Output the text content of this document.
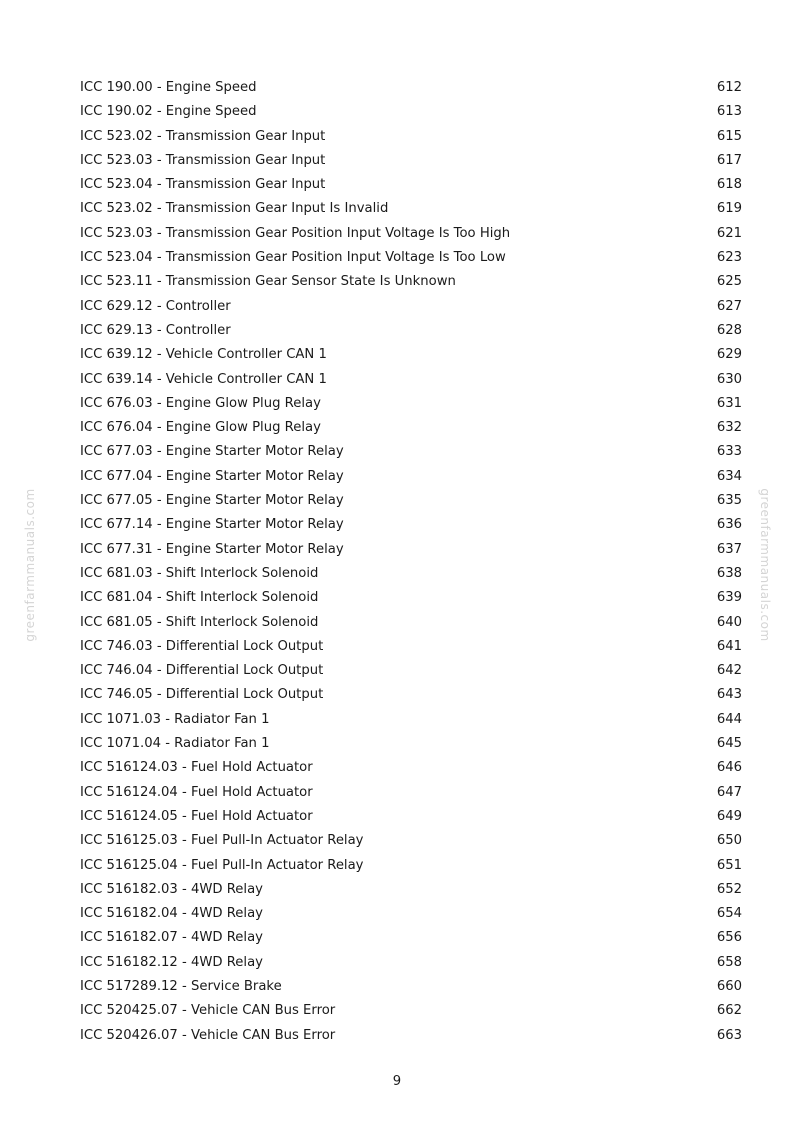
ICC 190.00 - Engine Speed	612
ICC 190.02 - Engine Speed	613
ICC 523.02 - Transmission Gear Input	615
ICC 523.03 - Transmission Gear Input	617
ICC 523.04 - Transmission Gear Input	618
ICC 523.02 - Transmission Gear Input Is Invalid	619
ICC 523.03 - Transmission Gear Position Input Voltage Is Too High	621
ICC 523.04 - Transmission Gear Position Input Voltage Is Too Low	623
ICC 523.11 - Transmission Gear Sensor State Is Unknown	625
ICC 629.12 - Controller	627
ICC 629.13 - Controller	628
ICC 639.12 - Vehicle Controller CAN 1	629
ICC 639.14 - Vehicle Controller CAN 1	630
ICC 676.03 - Engine Glow Plug Relay	631
ICC 676.04 - Engine Glow Plug Relay	632
ICC 677.03 - Engine Starter Motor Relay	633
ICC 677.04 - Engine Starter Motor Relay	634
ICC 677.05 - Engine Starter Motor Relay	635
ICC 677.14 - Engine Starter Motor Relay	636
ICC 677.31 - Engine Starter Motor Relay	637
ICC 681.03 - Shift Interlock Solenoid	638
ICC 681.04 - Shift Interlock Solenoid	639
ICC 681.05 - Shift Interlock Solenoid	640
ICC 746.03 - Differential Lock Output	641
ICC 746.04 - Differential Lock Output	642
ICC 746.05 - Differential Lock Output	643
ICC 1071.03 - Radiator Fan 1	644
ICC 1071.04 - Radiator Fan 1	645
ICC 516124.03 - Fuel Hold Actuator	646
ICC 516124.04 - Fuel Hold Actuator	647
ICC 516124.05 - Fuel Hold Actuator	649
ICC 516125.03 - Fuel Pull-In Actuator Relay	650
ICC 516125.04 - Fuel Pull-In Actuator Relay	651
ICC 516182.03 - 4WD Relay	652
ICC 516182.04 - 4WD Relay	654
ICC 516182.07 - 4WD Relay	656
ICC 516182.12 - 4WD Relay	658
ICC 517289.12 - Service Brake	660
ICC 520425.07 - Vehicle CAN Bus Error	662
ICC 520426.07 - Vehicle CAN Bus Error	663
9
greenfarmmanuals.com	greenfarmmanuals.com
